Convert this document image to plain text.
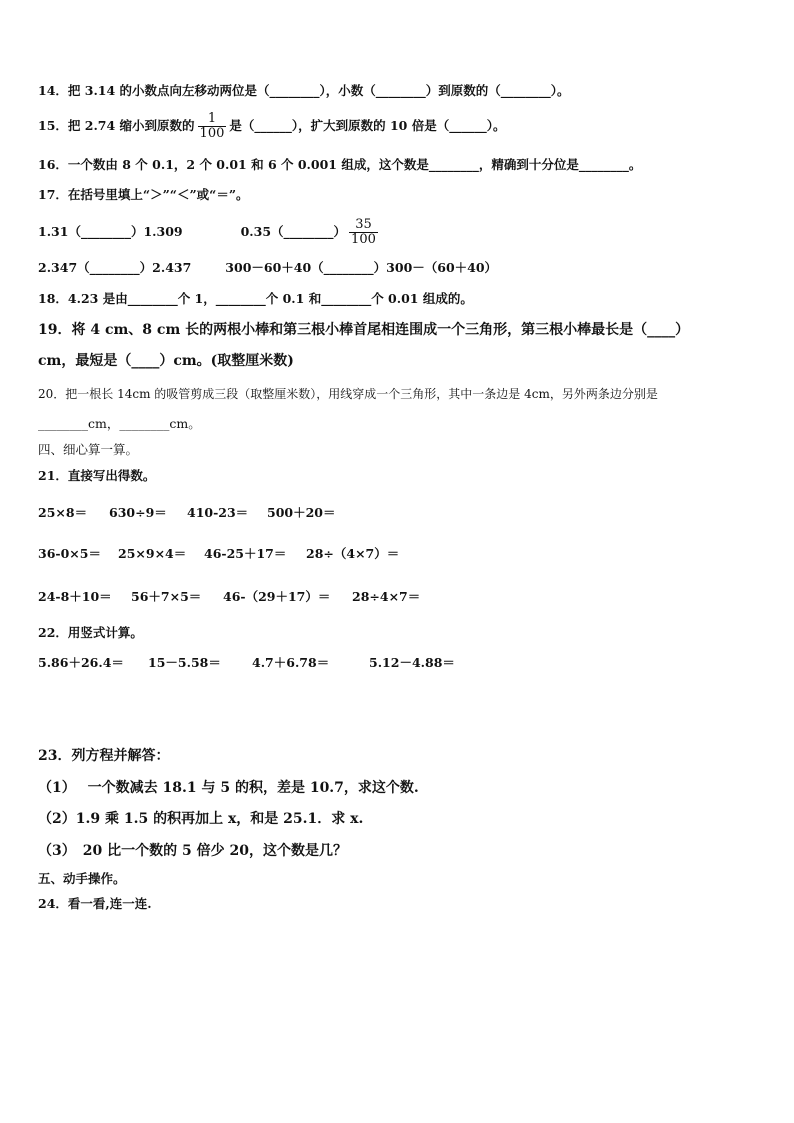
14．把 3.14 的小数点向左移动两位是（________），小数（________）到原数的（________）。
15．把 2.74 缩小到原数的 $\frac{1}{100}$ 是（______），扩大到原数的 10 倍是（______）。
16．一个数由 8 个 0.1，2 个 0.01 和 6 个 0.001 组成，这个数是________，精确到十分位是________。
17．在括号里填上“＞”“＜”或“＝”。
1.31（________）1.309	0.35（________） $\frac{35}{100}$
2.347（________）2.437	300－60＋40（________）300－（60＋40）
18．4.23 是由________个 1，________个 0.1 和________个 0.01 组成的。
19．将 4 cm、8 cm 长的两根小棒和第三根小棒首尾相连围成一个三角形，第三根小棒最长是（____）
cm，最短是（____）cm。(取整厘米数)
20．把一根长 14cm 的吸管剪成三段（取整厘米数），用线穿成一个三角形，其中一条边是 4cm，另外两条边分别是
________cm，________cm。
四、细心算一算。
21．直接写出得数。
25×8＝ 630÷9＝ 410-23＝ 500＋20＝
36-0×5＝ 25×9×4＝ 46-25＋17＝ 28÷（4×7）＝
24-8＋10＝ 56＋7×5＝ 46-（29＋17）＝ 28÷4×7＝
22．用竖式计算。
5.86＋26.4＝ 15－5.58＝ 4.7＋6.78＝	5.12－4.88＝
23．列方程并解答：
（1）　 一个数减去 18.1 与 5 的积，差是 10.7，求这个数.
（2）1.9 乘 1.5 的积再加上 x，和是 25.1．求 x.
（3）　20 比一个数的 5 倍少 20，这个数是几？
五、动手操作。
24．看一看,连一连.
